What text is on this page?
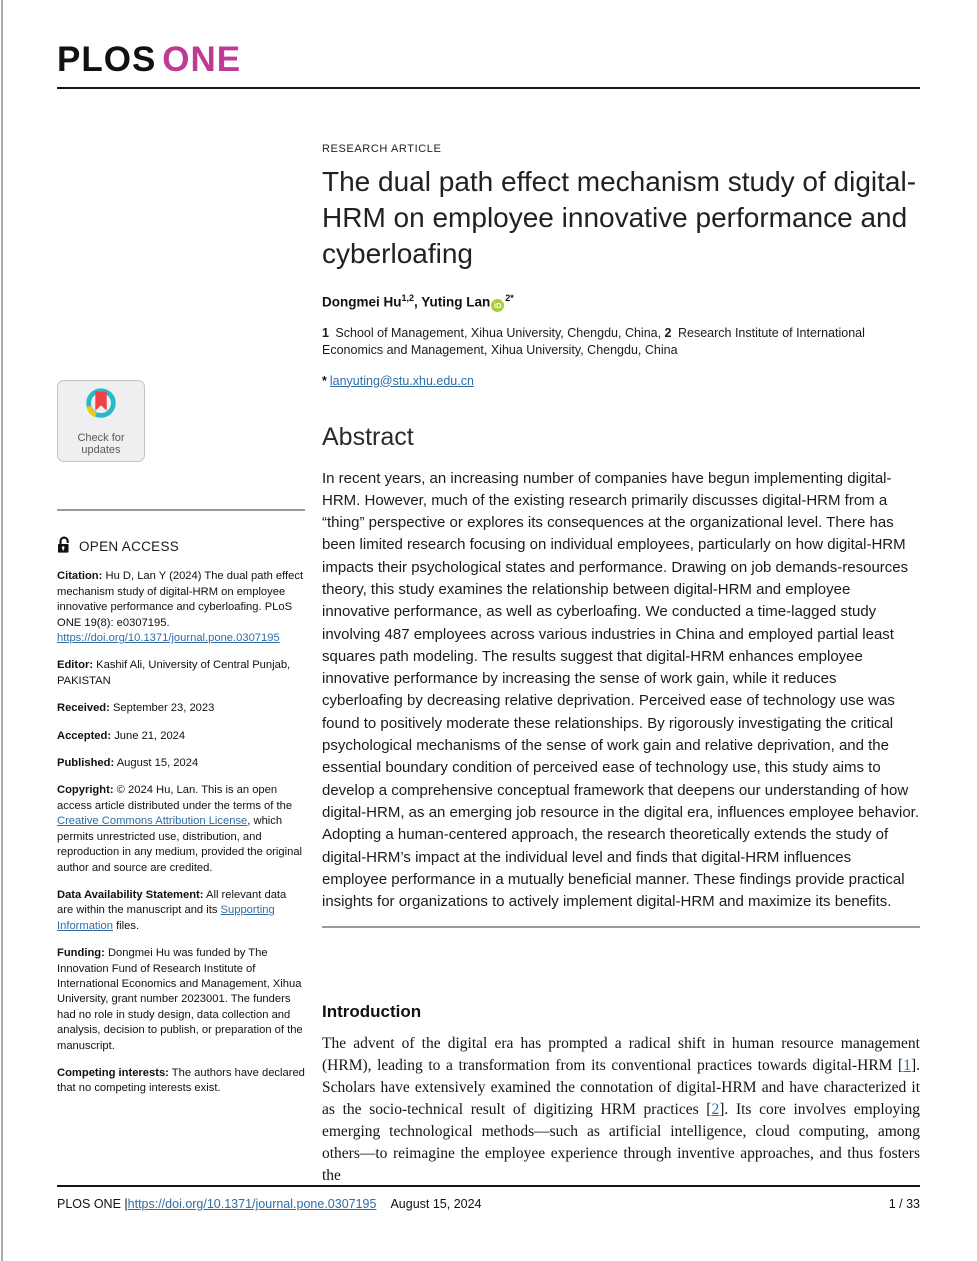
PLOS ONE
Check for
updates
OPEN ACCESS

Citation: Hu D, Lan Y (2024) The dual path effect mechanism study of digital-HRM on employee innovative performance and cyberloafing. PLoS ONE 19(8): e0307195. https://doi.org/10.1371/journal.pone.0307195

Editor: Kashif Ali, University of Central Punjab, PAKISTAN

Received: September 23, 2023

Accepted: June 21, 2024

Published: August 15, 2024

Copyright: © 2024 Hu, Lan. This is an open access article distributed under the terms of the Creative Commons Attribution License, which permits unrestricted use, distribution, and reproduction in any medium, provided the original author and source are credited.

Data Availability Statement: All relevant data are within the manuscript and its Supporting Information files.

Funding: Dongmei Hu was funded by The Innovation Fund of Research Institute of International Economics and Management, Xihua University, grant number 2023001. The funders had no role in study design, data collection and analysis, decision to publish, or preparation of the manuscript.

Competing interests: The authors have declared that no competing interests exist.

RESEARCH ARTICLE
The dual path effect mechanism study of digital-HRM on employee innovative performance and cyberloafing
Dongmei Hu$^{1,2}$, Yuting Lan $iD^{2*}$
1 School of Management, Xihua University, Chengdu, China, 2 Research Institute of International Economics and Management, Xihua University, Chengdu, China
* lanyuting@stu.xhu.edu.cn
Abstract

In recent years, an increasing number of companies have begun implementing digital-HRM. However, much of the existing research primarily discusses digital-HRM from a “thing” perspective or explores its consequences at the organizational level. There has been limited research focusing on individual employees, particularly on how digital-HRM impacts their psychological states and performance. Drawing on job demands-resources theory, this study examines the relationship between digital-HRM and employee innovative performance, as well as cyberloafing. We conducted a time-lagged study involving 487 employees across various industries in China and employed partial least squares path modeling. The results suggest that digital-HRM enhances employee innovative performance by increasing the sense of work gain, while it reduces cyberloafing by decreasing relative deprivation. Perceived ease of technology use was found to positively moderate these relationships. By rigorously investigating the critical psychological mechanisms of the sense of work gain and relative deprivation, and the essential boundary condition of perceived ease of technology use, this study aims to develop a comprehensive conceptual framework that deepens our understanding of how digital-HRM, as an emerging job resource in the digital era, influences employee behavior. Adopting a human-centered approach, the research theoretically extends the study of digital-HRM’s impact at the individual level and finds that digital-HRM influences employee performance in a mutually beneficial manner. These findings provide practical insights for organizations to actively implement digital-HRM and maximize its benefits.

Introduction

The advent of the digital era has prompted a radical shift in human resource management (HRM), leading to a transformation from its conventional practices towards digital-HRM [1]. Scholars have extensively examined the connotation of digital-HRM and have characterized it as the socio-technical result of digitizing HRM practices [2]. Its core involves employing emerging technological methods—such as artificial intelligence, cloud computing, among others—to reimagine the employee experience through inventive approaches, and thus fosters the

PLOS ONE | https://doi.org/10.1371/journal.pone.0307195 August 15, 2024	1 / 33
